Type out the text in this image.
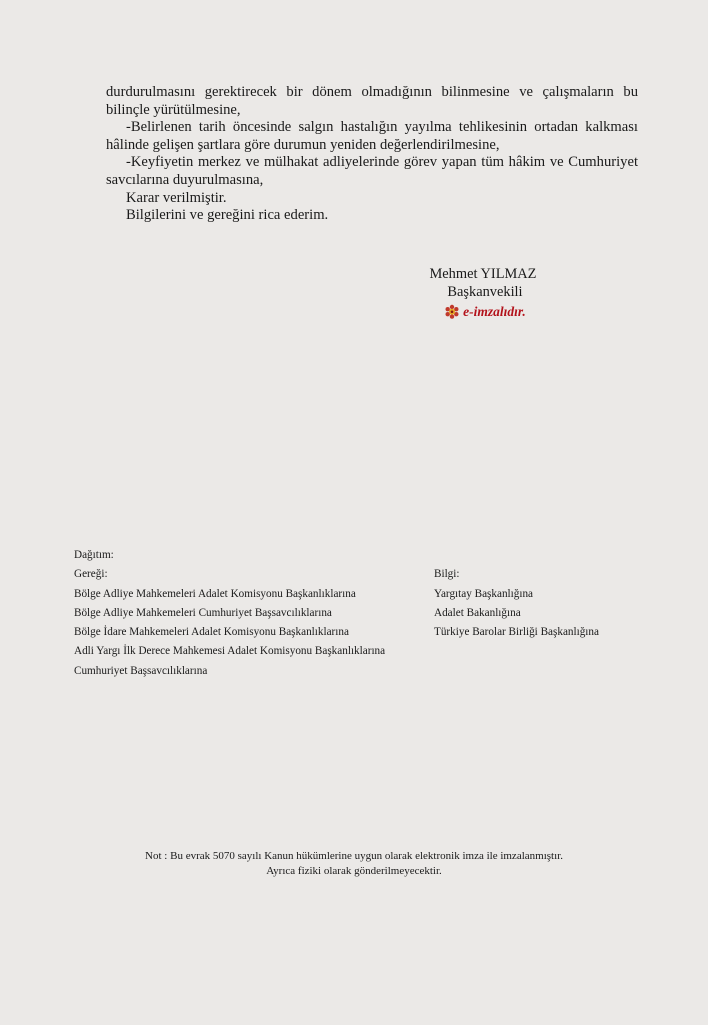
durdurulmasını gerektirecek bir dönem olmadığının bilinmesine ve çalışmaların bu bilinçle yürütülmesine,

-Belirlenen tarih öncesinde salgın hastalığın yayılma tehlikesinin ortadan kalkması hâlinde gelişen şartlara göre durumun yeniden değerlendirilmesine,

-Keyfiyetin merkez ve mülhakat adliyelerinde görev yapan tüm hâkim ve Cumhuriyet savcılarına duyurulmasına,

Karar verilmiştir.

Bilgilerini ve gereğini rica ederim.

Mehmet YILMAZ
Başkanvekili
e-imzalıdır.
Dağıtım:
Gereği:	Bilgi:
Bölge Adliye Mahkemeleri Adalet Komisyonu Başkanlıklarına	Yargıtay Başkanlığına
Bölge Adliye Mahkemeleri Cumhuriyet Başsavcılıklarına	Adalet Bakanlığına
Bölge İdare Mahkemeleri Adalet Komisyonu Başkanlıklarına	Türkiye Barolar Birliği Başkanlığına
Adli Yargı İlk Derece Mahkemesi Adalet Komisyonu Başkanlıklarına
Cumhuriyet Başsavcılıklarına
Not : Bu evrak 5070 sayılı Kanun hükümlerine uygun olarak elektronik imza ile imzalanmıştır.
Ayrıca fiziki olarak gönderilmeyecektir.
